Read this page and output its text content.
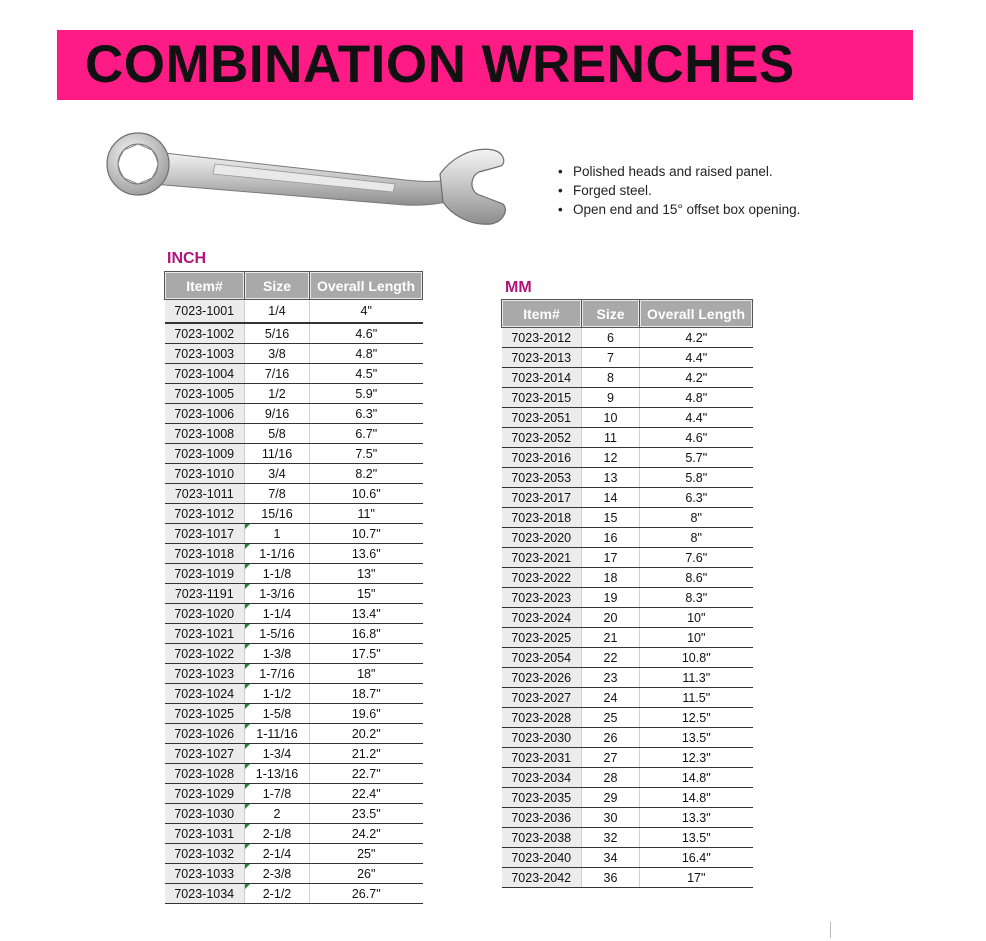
COMBINATION WRENCHES
• Polished heads and raised panel.
• Forged steel.
• Open end and 15° offset box opening.
INCH
Item#	Size	Overall Length
7023-1001	1/4	4"
7023-1002	5/16	4.6"
7023-1003	3/8	4.8"
7023-1004	7/16	4.5"
7023-1005	1/2	5.9"
7023-1006	9/16	6.3"
7023-1008	5/8	6.7"
7023-1009	11/16	7.5"
7023-1010	3/4	8.2"
7023-1011	7/8	10.6"
7023-1012	15/16	11"
7023-1017	1	10.7"
7023-1018	1-1/16	13.6"
7023-1019	1-1/8	13"
7023-1191	1-3/16	15"
7023-1020	1-1/4	13.4"
7023-1021	1-5/16	16.8"
7023-1022	1-3/8	17.5"
7023-1023	1-7/16	18"
7023-1024	1-1/2	18.7"
7023-1025	1-5/8	19.6"
7023-1026	1-11/16	20.2"
7023-1027	1-3/4	21.2"
7023-1028	1-13/16	22.7"
7023-1029	1-7/8	22.4"
7023-1030	2	23.5"
7023-1031	2-1/8	24.2"
7023-1032	2-1/4	25"
7023-1033	2-3/8	26"
7023-1034	2-1/2	26.7"
MM
Item#	Size	Overall Length
7023-2012	6	4.2"
7023-2013	7	4.4"
7023-2014	8	4.2"
7023-2015	9	4.8"
7023-2051	10	4.4"
7023-2052	11	4.6"
7023-2016	12	5.7"
7023-2053	13	5.8"
7023-2017	14	6.3"
7023-2018	15	8"
7023-2020	16	8"
7023-2021	17	7.6"
7023-2022	18	8.6"
7023-2023	19	8.3"
7023-2024	20	10"
7023-2025	21	10"
7023-2054	22	10.8"
7023-2026	23	11.3"
7023-2027	24	11.5"
7023-2028	25	12.5"
7023-2030	26	13.5"
7023-2031	27	12.3"
7023-2034	28	14.8"
7023-2035	29	14.8"
7023-2036	30	13.3"
7023-2038	32	13.5"
7023-2040	34	16.4"
7023-2042	36	17"
